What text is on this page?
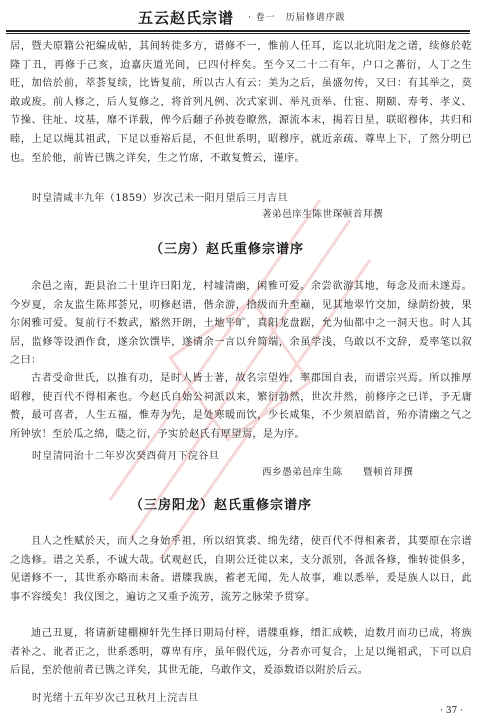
五云赵氏宗谱 · 卷一　历届修谱序跋
居，暨夫原籍公祀编成帖，其间转徙多方，谱修不一，惟前人任耳，迄以北坑阳龙之谱，续修於乾隆丁丑，再修于己亥，迨嘉庆道光间，已四付梓矣。至今又二十二有年，户口之蕃衍，人丁之生旺，加倍於前，萃荟复续，比皆复前，所以古人有云：美为之后，虽盛勿传，又曰：有其举之，莫敢或废。前人修之，后人复修之，将首列凡例、次式家训、举凡贡举、仕宦、期颐、寿考、孝义、节操、往址、坟基，靡不详载，俾今后翻子孙披卷瞭然，源流本末，揭若日星，联昭穆体，共归和睦，上足以绳其祖武，下足以垂裕后昆，不但世系明，昭穆序，就近亲疏、尊卑上下，了然分明已也。至於他，前皆已镌之详矣，生之竹席，不敢复赘云，谨序。
时皇清咸丰九年（1859）岁次己未一阳月望后三月吉旦
著弟邑庠生陈世琛顿首拜撰
（三房）赵氏重修宗谱序
余邑之南，距县治二十里许曰阳龙，村墟清幽，闲雅可爱。余尝欲游其地，每念及而未遂焉。今岁夏，余友监生陈邦荟兄，叨修赵谱，偕余游，拾级而升至巅，见其地翠竹交加，绿荫纷披，果尔闲雅可爱。复前行不数武，豁然开朗，土地平旷，真阳龙盘踞，允为仙都中之一洞天也。时人其居，监修等设酒作食，遂余饮馔毕，遂请余一言以弁简端，余虽学浅，乌敢以不文辞，爰率笔以叙之曰：
古者受命世氏，以推有功，是时人皆士著，故名宗望姓，率郡国自表，而谱宗兴焉。所以推厚昭穆，使百代不得相紊也。今赵氏自始公祠派以来，繁衍勃然，世次井然，前修序之已详，予无庸赘，最可喜者，人生五福，惟寿为先，是处寒暖而饮，少长咸集，不少须眉皓首，殆亦清幽之气之所钟欤！至於瓜之绵，瓞之衍，予实於赵氏有厚望焉，是为序。
时皇清同治十二年岁次癸酉荷月下浣谷旦
西乡愚弟邑庠生陈　　暨顿首拜撰
（三房阳龙）赵氏重修宗谱序
且人之性赋於天，而人之身始乎祖，所以绍箕裘、绵先绪，使百代不得相紊者，其要原在宗谱之选修。谱之关系，不诚大哉。试观赵氏，自期公迁徙以来，支分派别，各派各修，惟转徙俱多，见谱修不一，其世系亦略而未备。谱牒我族，蓄老无闻，先人故事，难以悉举，爰是族人以日，此事不容缓矣！我仪图之，遍访之又重予流芳，流芳之脉荣予贯穿。
迪己丑夏，将请新建棚柳轩先生择日期局付梓，谱牒重修，缙汇成帙，迨数月而功已成，将族者补之、讹者正之，世系悉明，尊卑有序，虽年假代远，分者亦可复合，上足以绳祖武，下可以启后昆，至於他前者已镌之详矣，其世无能，乌敢作文，爰添数语以附於后云。
时光绪十五年岁次己丑秋月上浣吉旦
· 37 ·
